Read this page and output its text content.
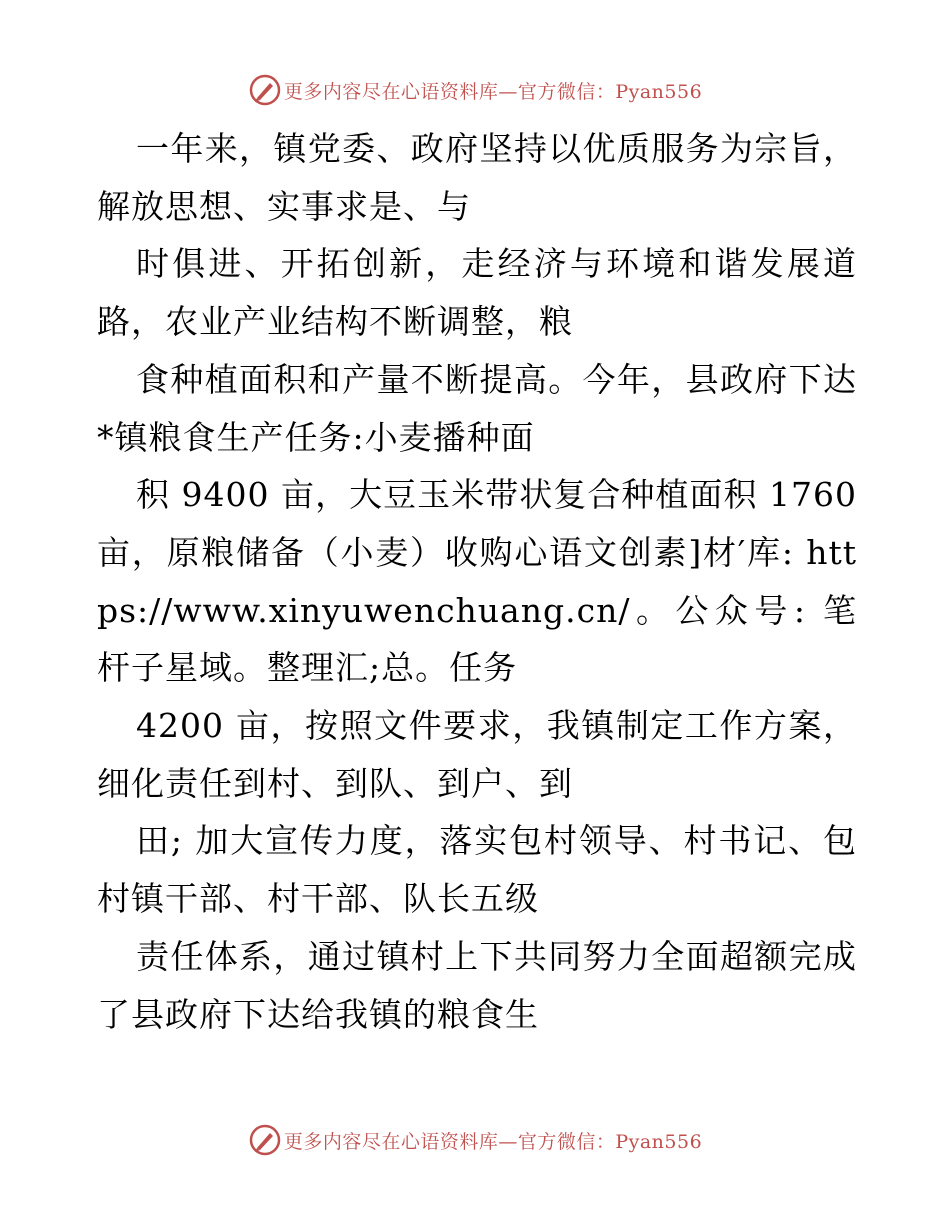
更多内容尽在心语资料库—官方微信：Pyan556

一年来，镇党委、政府坚持以优质服务为宗旨，解放思想、实事求是、与

时俱进、开拓创新，走经济与环境和谐发展道路，农业产业结构不断调整，粮

食种植面积和产量不断提高。今年，县政府下达*镇粮食生产任务:小麦播种面

积 9400 亩，大豆玉米带状复合种植面积 1760 亩，原粮储备（小麦）收购心语文创素]材′库: https://www.xinyuwenchuang.cn/。公众号: 笔杆子星域。整理汇;总。任务

4200 亩，按照文件要求，我镇制定工作方案，细化责任到村、到队、到户、到

田; 加大宣传力度，落实包村领导、村书记、包村镇干部、村干部、队长五级

责任体系，通过镇村上下共同努力全面超额完成了县政府下达给我镇的粮食生

更多内容尽在心语资料库—官方微信：Pyan556
